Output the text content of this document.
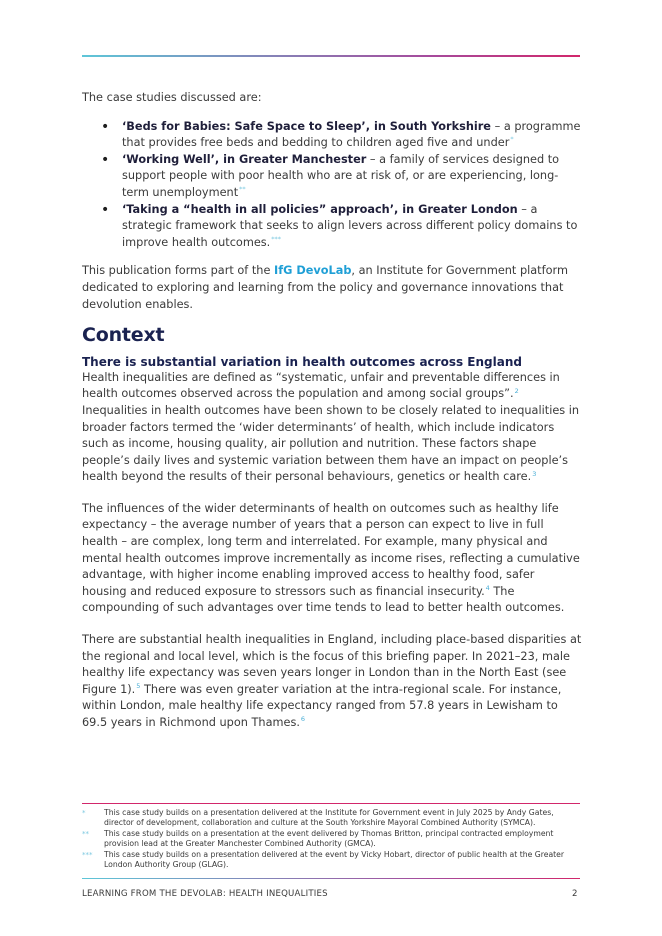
The case studies discussed are:

• ‘Beds for Babies: Safe Space to Sleep’, in South Yorkshire – a programme that provides free beds and bedding to children aged five and under*
• ‘Working Well’, in Greater Manchester – a family of services designed to support people with poor health who are at risk of, or are experiencing, long-term unemployment**
• ‘Taking a “health in all policies” approach’, in Greater London – a strategic framework that seeks to align levers across different policy domains to improve health outcomes.***

This publication forms part of the IfG DevoLab, an Institute for Government platform dedicated to exploring and learning from the policy and governance innovations that devolution enables.

Context
There is substantial variation in health outcomes across England

Health inequalities are defined as “systematic, unfair and preventable differences in health outcomes observed across the population and among social groups”.$^2$ Inequalities in health outcomes have been shown to be closely related to inequalities in broader factors termed the ‘wider determinants’ of health, which include indicators such as income, housing quality, air pollution and nutrition. These factors shape people’s daily lives and systemic variation between them have an impact on people’s health beyond the results of their personal behaviours, genetics or health care.$^3$

The influences of the wider determinants of health on outcomes such as healthy life expectancy – the average number of years that a person can expect to live in full health – are complex, long term and interrelated. For example, many physical and mental health outcomes improve incrementally as income rises, reflecting a cumulative advantage, with higher income enabling improved access to healthy food, safer housing and reduced exposure to stressors such as financial insecurity.$^4$ The compounding of such advantages over time tends to lead to better health outcomes.

There are substantial health inequalities in England, including place-based disparities at the regional and local level, which is the focus of this briefing paper. In 2021–23, male healthy life expectancy was seven years longer in London than in the North East (see Figure 1).$^5$ There was even greater variation at the intra-regional scale. For instance, within London, male healthy life expectancy ranged from 57.8 years in Lewisham to 69.5 years in Richmond upon Thames.$^6$

* This case study builds on a presentation delivered at the Institute for Government event in July 2025 by Andy Gates, director of development, collaboration and culture at the South Yorkshire Mayoral Combined Authority (SYMCA).
** This case study builds on a presentation at the event delivered by Thomas Britton, principal contracted employment provision lead at the Greater Manchester Combined Authority (GMCA).
*** This case study builds on a presentation delivered at the event by Vicky Hobart, director of public health at the Greater London Authority Group (GLAG).
LEARNING FROM THE DEVOLAB: HEALTH INEQUALITIES	2
